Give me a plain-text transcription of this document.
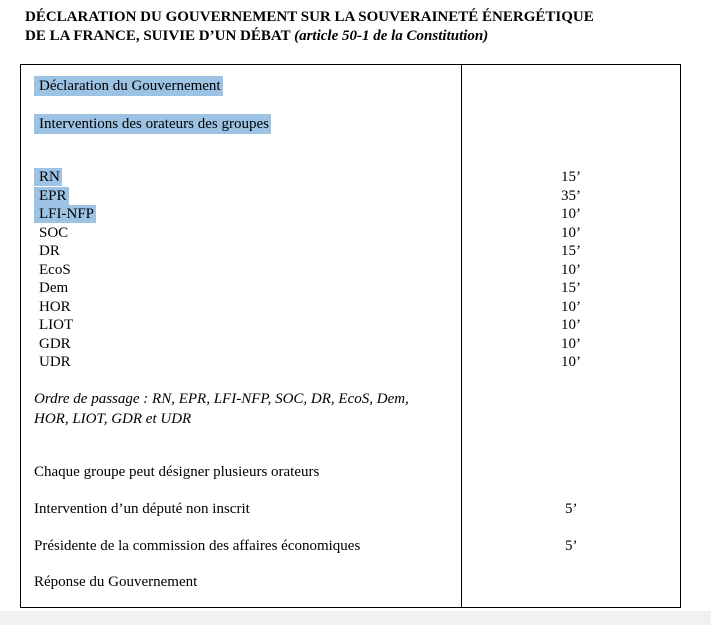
DÉCLARATION DU GOUVERNEMENT SUR LA SOUVERAINETÉ ÉNERGÉTIQUE
DE LA FRANCE, SUIVIE D’UN DÉBAT (article 50-1 de la Constitution)
Déclaration du Gouvernement
Interventions des orateurs des groupes
RN
EPR
LFI-NFP
SOC
DR
EcoS
Dem
HOR
LIOT
GDR
UDR
15’
35’
10’
10’
15’
10’
15’
10’
10’
10’
10’
Ordre de passage : RN, EPR, LFI-NFP, SOC, DR, EcoS, Dem,
HOR, LIOT, GDR et UDR
Chaque groupe peut désigner plusieurs orateurs
Intervention d’un député non inscrit	5’
Présidente de la commission des affaires économiques	5’
Réponse du Gouvernement
